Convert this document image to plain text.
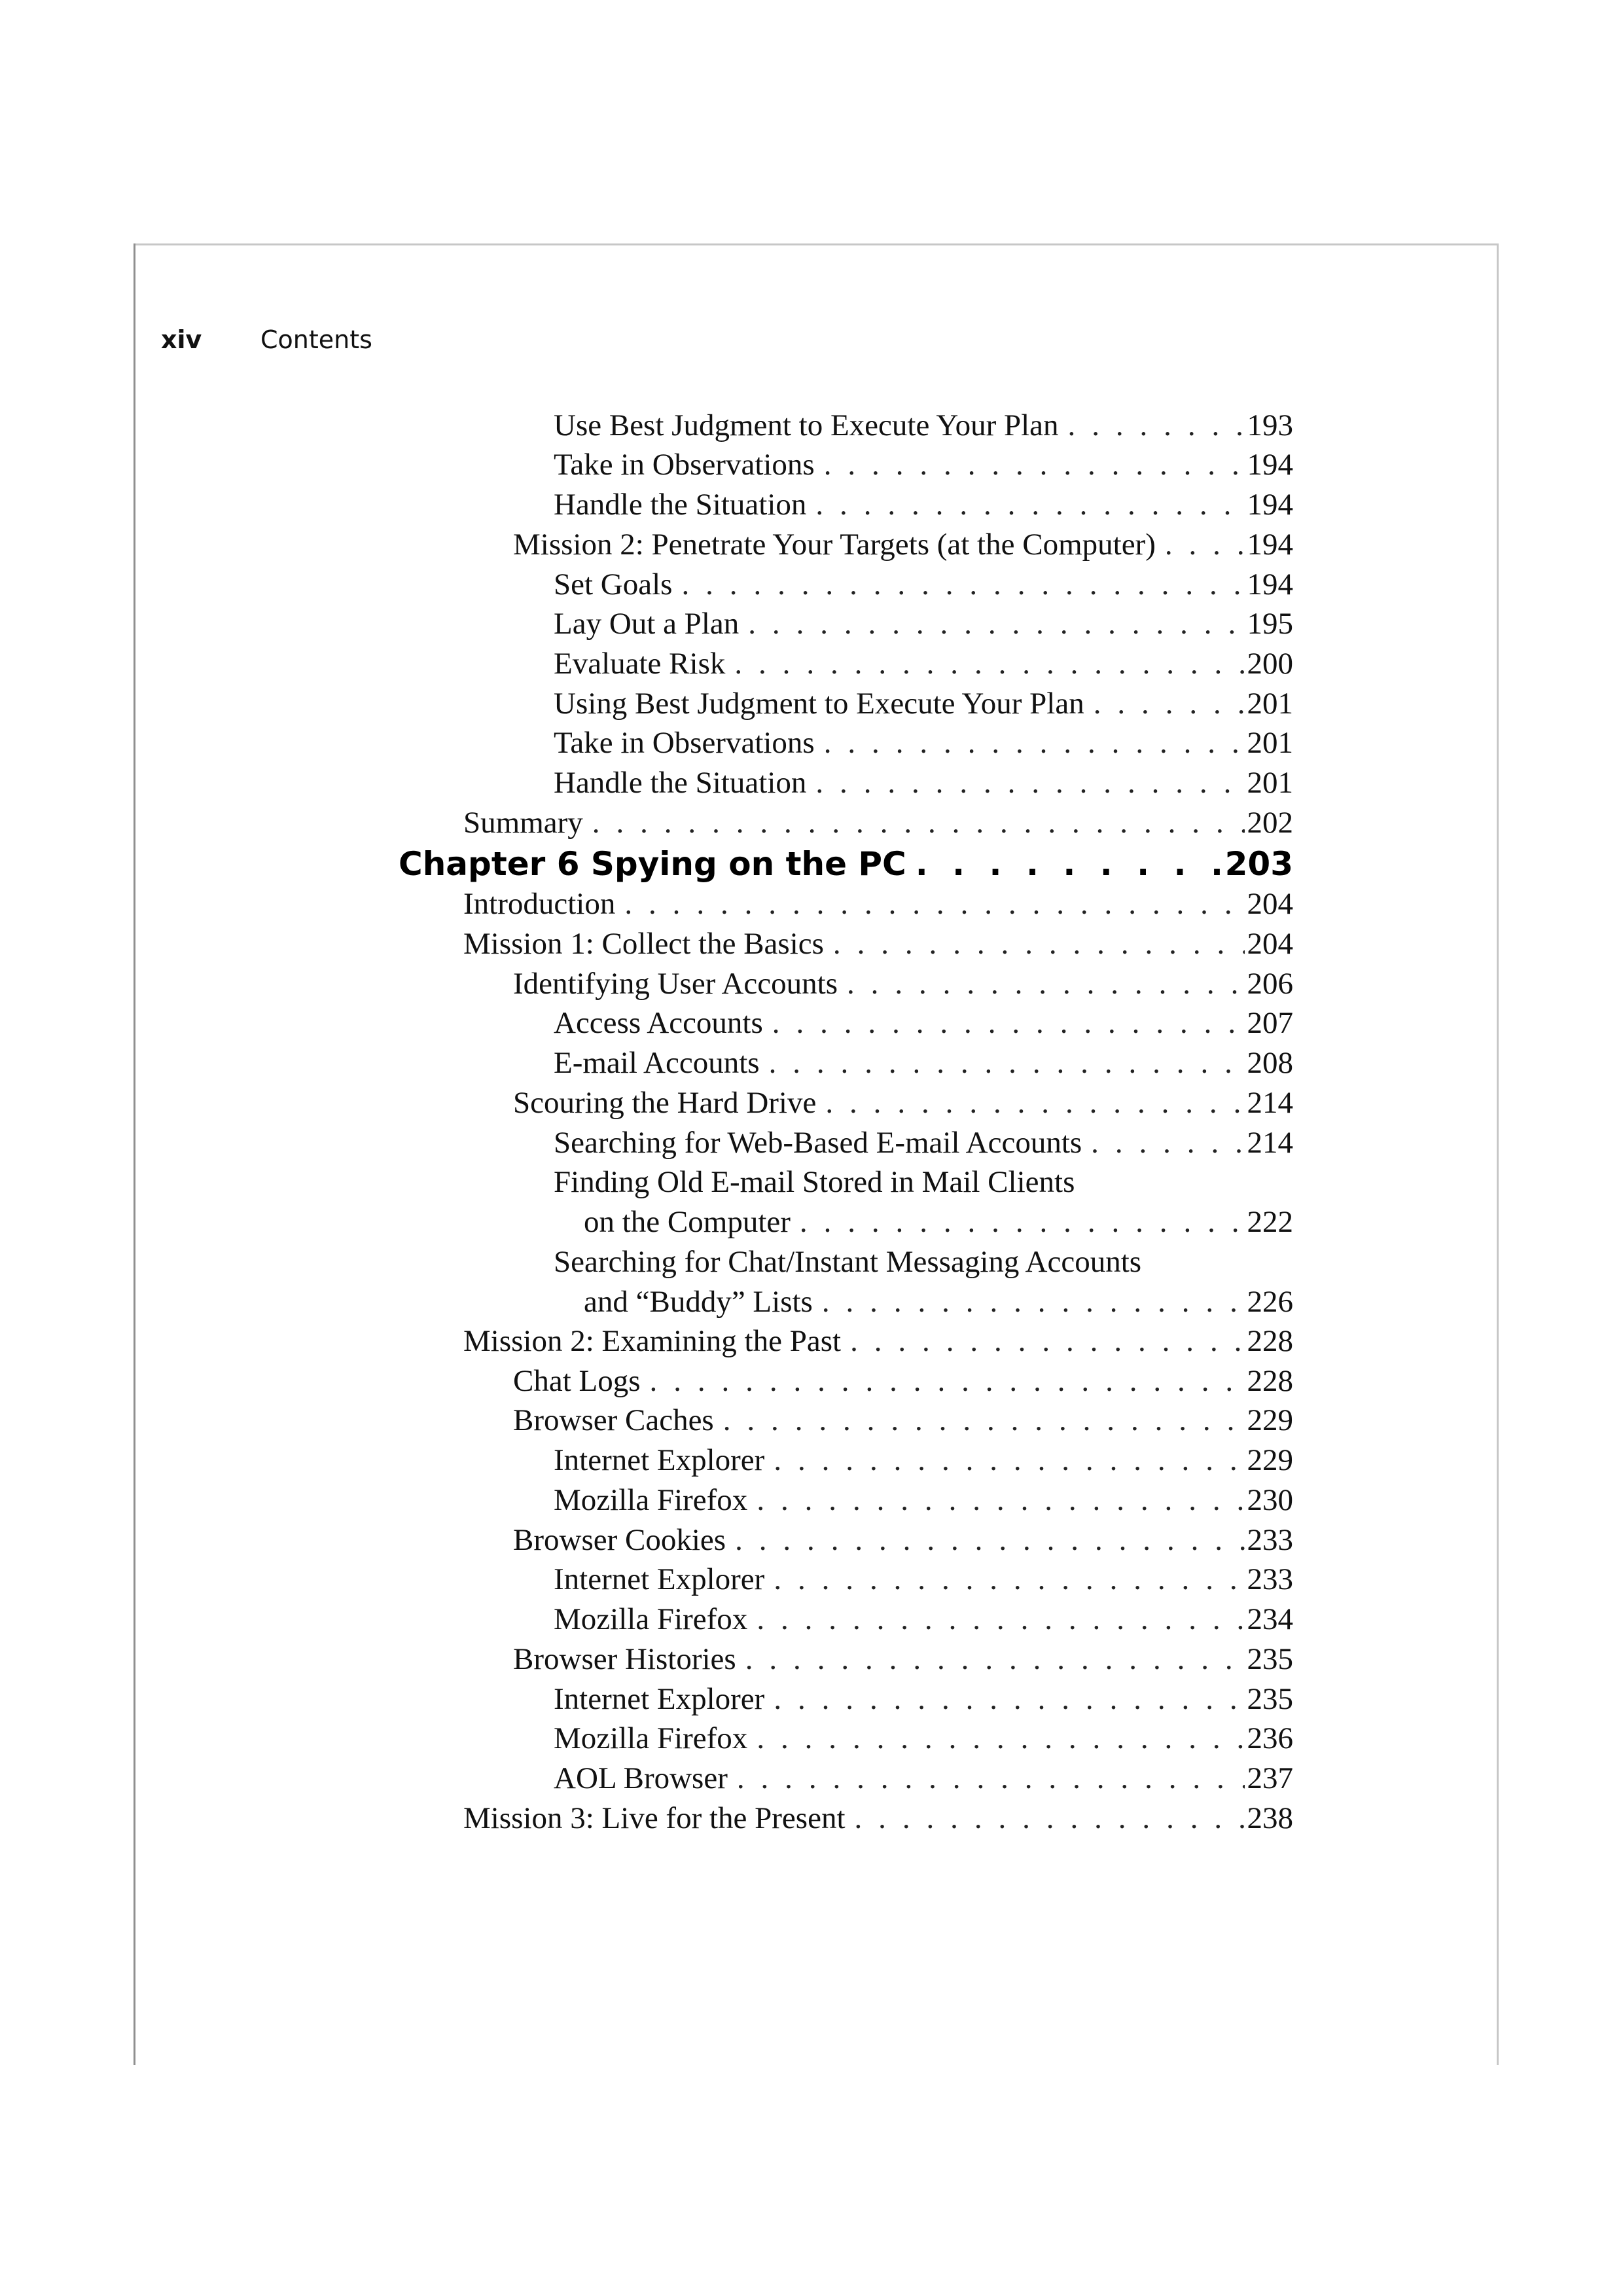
xiv Contents
Use Best Judgment to Execute Your Plan . . .	193
Take in Observations . . .	194
Handle the Situation . . .	194
Mission 2: Penetrate Your Targets (at the Computer) . . .	194
Set Goals . . .	194
Lay Out a Plan . . .	195
Evaluate Risk . . .	200
Using Best Judgment to Execute Your Plan . . .	201
Take in Observations . . .	201
Handle the Situation . . .	201
Summary . . .	202
Chapter 6 Spying on the PC . . .	203
Introduction . . .	204
Mission 1: Collect the Basics . . .	204
Identifying User Accounts . . .	206
Access Accounts . . .	207
E-mail Accounts . . .	208
Scouring the Hard Drive . . .	214
Searching for Web-Based E-mail Accounts . . .	214
Finding Old E-mail Stored in Mail Clients
on the Computer . . .	222
Searching for Chat/Instant Messaging Accounts
and “Buddy” Lists . . .	226
Mission 2: Examining the Past . . .	228
Chat Logs . . .	228
Browser Caches . . .	229
Internet Explorer . . .	229
Mozilla Firefox . . .	230
Browser Cookies . . .	233
Internet Explorer . . .	233
Mozilla Firefox . . .	234
Browser Histories . . .	235
Internet Explorer . . .	235
Mozilla Firefox . . .	236
AOL Browser . . .	237
Mission 3: Live for the Present . . .	238
